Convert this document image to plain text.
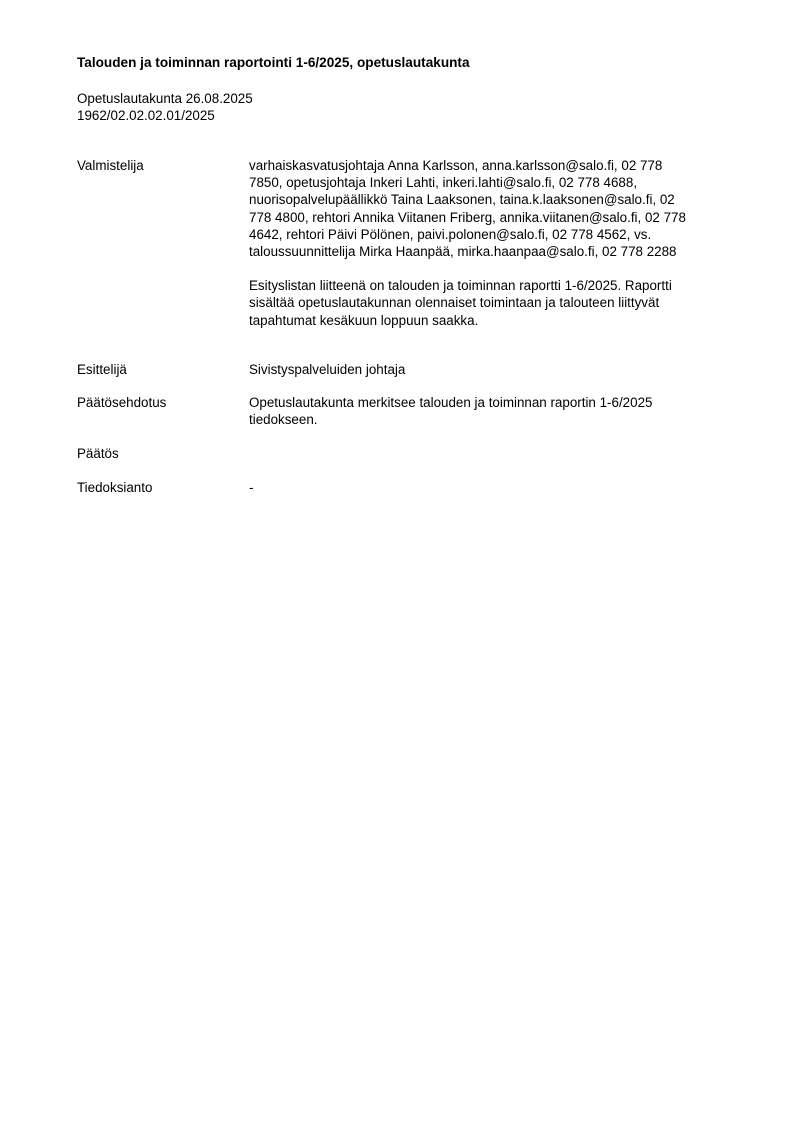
Talouden ja toiminnan raportointi 1-6/2025, opetuslautakunta
Opetuslautakunta 26.08.2025
1962/02.02.02.01/2025
Valmistelija	varhaiskasvatusjohtaja Anna Karlsson, anna.karlsson@salo.fi, 02 778
7850, opetusjohtaja Inkeri Lahti, inkeri.lahti@salo.fi, 02 778 4688,
nuorisopalvelupäällikkö Taina Laaksonen, taina.k.laaksonen@salo.fi, 02
778 4800, rehtori Annika Viitanen Friberg, annika.viitanen@salo.fi, 02 778
4642, rehtori Päivi Pölönen, paivi.polonen@salo.fi, 02 778 4562, vs.
taloussuunnittelija Mirka Haanpää, mirka.haanpaa@salo.fi, 02 778 2288

Esityslistan liitteenä on talouden ja toiminnan raportti 1-6/2025. Raportti
sisältää opetuslautakunnan olennaiset toimintaan ja talouteen liittyvät
tapahtumat kesäkuun loppuun saakka.

Esittelijä	Sivistyspalveluiden johtaja
Päätösehdotus	Opetuslautakunta merkitsee talouden ja toiminnan raportin 1-6/2025
tiedokseen.
Päätös
Tiedoksianto	-
